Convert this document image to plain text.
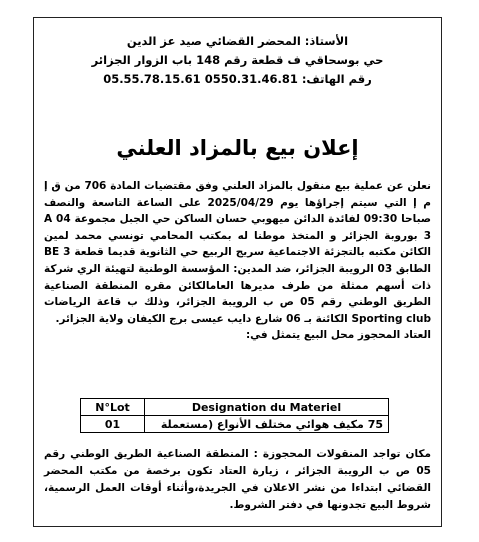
الأستاذ: المحضر القضائي صيد عز الدين
حي بوسحاقي ف قطعة رقم 148 باب الزوار الجزائر
رقم الهاتف: 0550.31.46.81 05.55.78.15.61
إعلان بيع بالمزاد العلني

نعلن عن عملية بيع منقول بالمزاد العلني وفق مقتضيات المادة 706 من ق إ م إ التي سيتم إجراؤها يوم 2025/04/29 على الساعة التاسعة والنصف صباحا 09:30 لفائدة الدائن ميهوبي حسان الساكن حي الجبل مجموعة 04 A 3 بوروبة الجزائر و المتخذ موطنا له بمكتب المحامي تونسي محمد لمين الكائن مكتبه بالتجزئة الاجتماعية سريج الربيع حي الثانوية قديما قطعة 3 BE الطابق 03 الرويبة الجزائر، ضد المدين: المؤسسة الوطنية لتهيئة الري شركة ذات أسهم ممثلة من طرف مديرها العامالكائن مقره المنطقة الصناعية الطريق الوطني رقم 05 ص ب الرويبة الجزائر، وذلك ب قاعة الرياضات Sporting club الكائنة بـ 06 شارع دايب عيسى برج الكيفان ولاية الجزائر.

العتاد المحجوز محل البيع يتمثل في:

N°Lot	Designation du Materiel
01	75 مكيف هوائي مختلف الأنواع (مستعملة

مكان تواجد المنقولات المحجوزة : المنطقة الصناعية الطريق الوطني رقم 05 ص ب الرويبة الجزائر ، زيارة العتاد تكون برخصة من مكتب المحضر القضائي ابتداءا من نشر الاعلان في الجريدة،وأثناء أوقات العمل الرسمية، شروط البيع تجدونها في دفتر الشروط.
